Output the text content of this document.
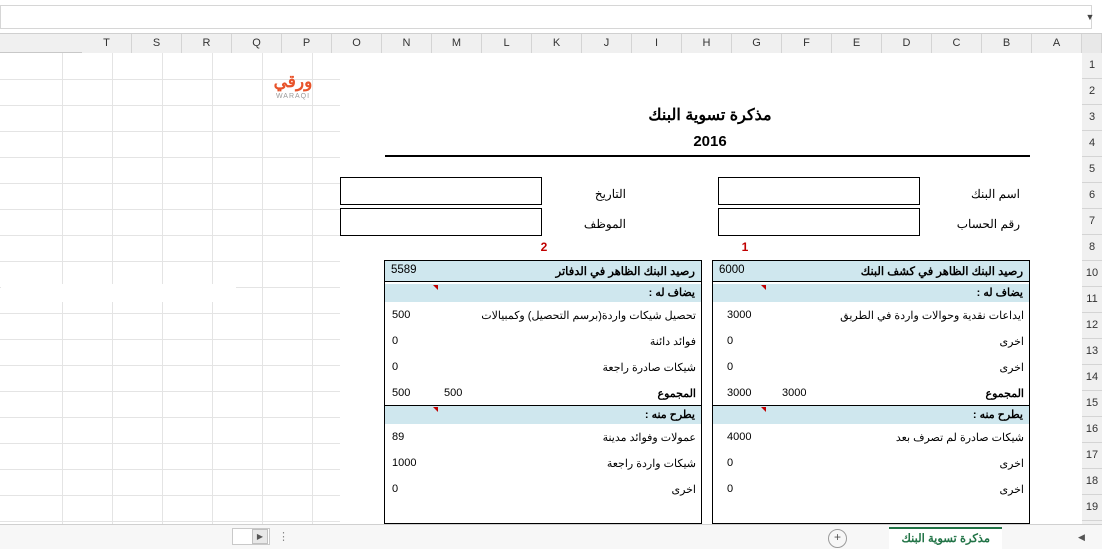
▼
A
B
C
D
E
F
G
H
I
J
K
L
M
N
O
P
Q
R
S
T
1
2
3
4
5
6
7
8
10
11
12
13
14
15
16
17
18
19
ورقي
WARAQI
مذكرة تسوية البنك
2016
اسم البنك
رقم الحساب
التاريخ
الموظف
1
2
رصيد البنك الظاهر في كشف البنك
6000
يضاف له :
ايداعات نقدية وحوالات واردة في الطريق
3000
اخرى
0
اخرى
0
المجموع
3000
3000
يطرح منه :
شيكات صادرة لم تصرف بعد
4000
اخرى
0
اخرى
0
رصيد البنك الظاهر في الدفاتر
5589
يضاف له :
تحصيل شيكات واردة(برسم التحصيل) وكمبيالات
500
فوائد دائنة
0
شيكات صادرة راجعة
0
المجموع
500
500
يطرح منه :
عمولات وفوائد مدينة
89
شيكات واردة راجعة
1000
اخرى
0
مذكرة تسوية البنك
+	◀
▶	⋮
